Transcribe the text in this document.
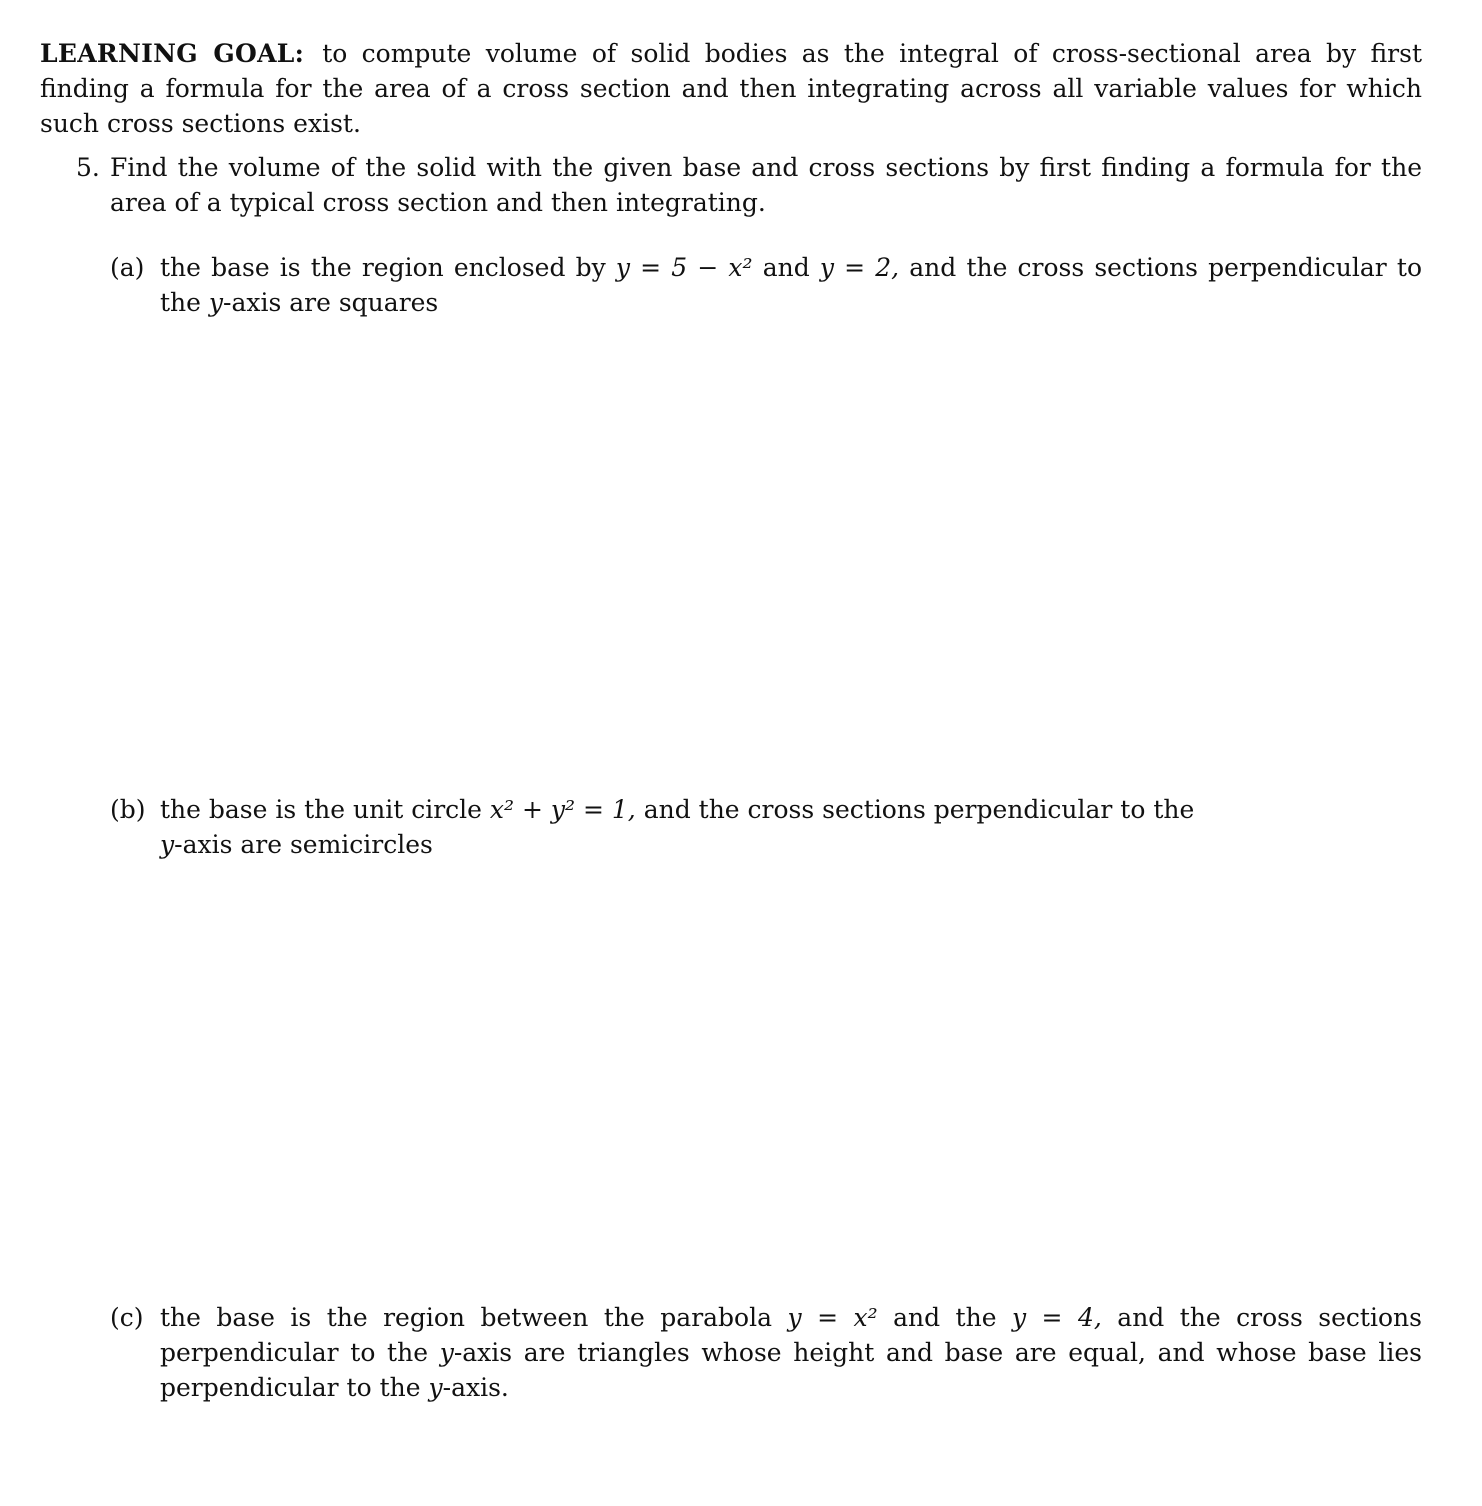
LEARNING GOAL: to compute volume of solid bodies as the integral of cross-sectional area by first finding a formula for the area of a cross section and then integrating across all variable values for which such cross sections exist.

5. Find the volume of the solid with the given base and cross sections by first finding a formula for the area of a typical cross section and then integrating.

(a) the base is the region enclosed by y = 5 − x² and y = 2, and the cross sections perpendicular to the y-axis are squares

(b) the base is the unit circle x² + y² = 1, and the cross sections perpendicular to the y-axis are semicircles

(c) the base is the region between the parabola y = x² and the y = 4, and the cross sections perpendicular to the y-axis are triangles whose height and base are equal, and whose base lies perpendicular to the y-axis.
